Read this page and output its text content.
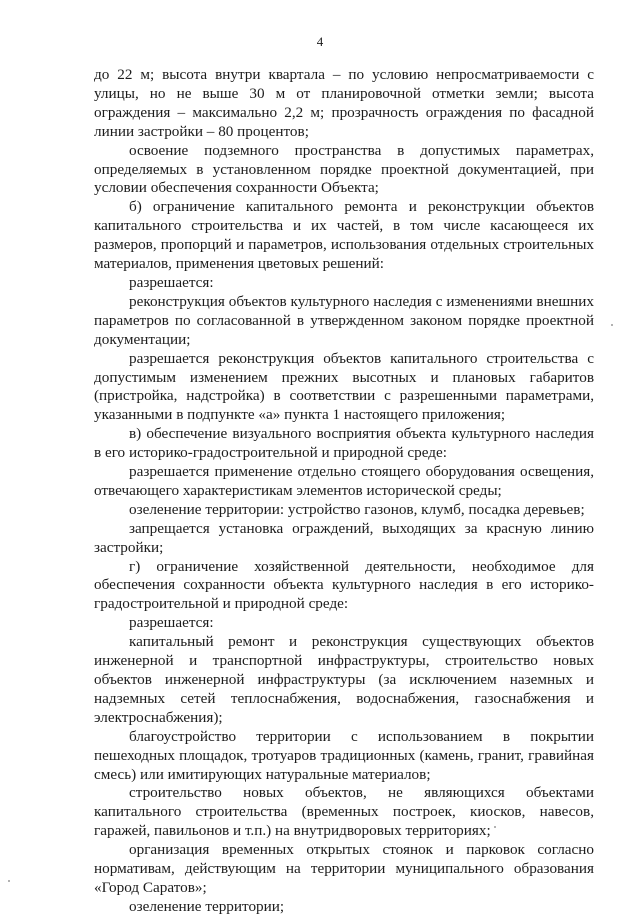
4

до 22 м; высота внутри квартала – по условию непросматриваемости с улицы, но не выше 30 м от планировочной отметки земли; высота ограждения – максимально 2,2 м; прозрачность ограждения по фасадной линии застройки – 80 процентов;

освоение подземного пространства в допустимых параметрах, определяемых в установленном порядке проектной документацией, при условии обеспечения сохранности Объекта;

б) ограничение капитального ремонта и реконструкции объектов капитального строительства и их частей, в том числе касающееся их размеров, пропорций и параметров, использования отдельных строительных материалов, применения цветовых решений:

разрешается:

реконструкция объектов культурного наследия с изменениями внешних параметров по согласованной в утвержденном законом порядке проектной документации;

разрешается реконструкция объектов капитального строительства с допустимым изменением прежних высотных и плановых габаритов (пристройка, надстройка) в соответствии с разрешенными параметрами, указанными в подпункте «а» пункта 1 настоящего приложения;

в) обеспечение визуального восприятия объекта культурного наследия в его историко-градостроительной и природной среде:

разрешается применение отдельно стоящего оборудования освещения, отвечающего характеристикам элементов исторической среды;

озеленение территории: устройство газонов, клумб, посадка деревьев;

запрещается установка ограждений, выходящих за красную линию застройки;

г) ограничение хозяйственной деятельности, необходимое для обеспечения сохранности объекта культурного наследия в его историко-градостроительной и природной среде:

разрешается:

капитальный ремонт и реконструкция существующих объектов инженерной и транспортной инфраструктуры, строительство новых объектов инженерной инфраструктуры (за исключением наземных и надземных сетей теплоснабжения, водоснабжения, газоснабжения и электроснабжения);

благоустройство территории с использованием в покрытии пешеходных площадок, тротуаров традиционных (камень, гранит, гравийная смесь) или имитирующих натуральные материалов;

строительство новых объектов, не являющихся объектами капитального строительства (временных построек, киосков, навесов, гаражей, павильонов и т.п.) на внутридворовых территориях;

организация временных открытых стоянок и парковок согласно нормативам, действующим на территории муниципального образования «Город Саратов»;

озеленение территории;
